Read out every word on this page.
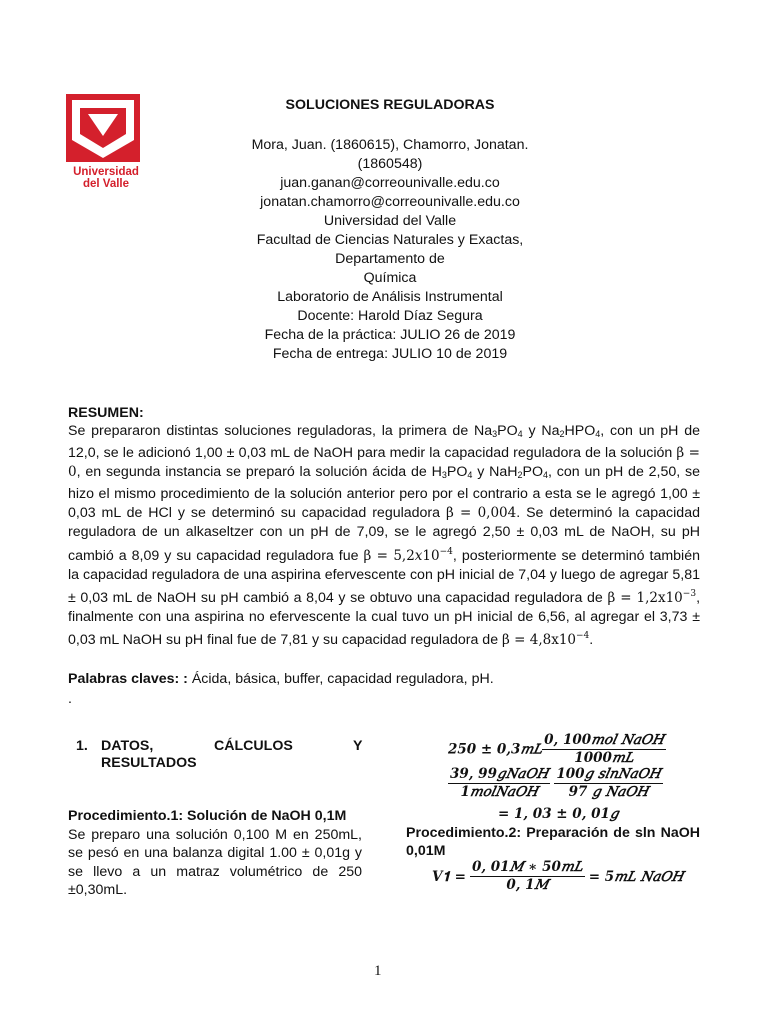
Universidad
del Valle
SOLUCIONES REGULADORAS
Mora, Juan. (1860615), Chamorro, Jonatan.
(1860548)
juan.ganan@correounivalle.edu.co
jonatan.chamorro@correounivalle.edu.co
Universidad del Valle
Facultad de Ciencias Naturales y Exactas,
Departamento de
Química
Laboratorio de Análisis Instrumental
Docente: Harold Díaz Segura
Fecha de la práctica: JULIO 26 de 2019
Fecha de entrega: JULIO 10 de 2019
RESUMEN:
Se prepararon distintas soluciones reguladoras, la primera de $Na_3PO_4$ y $Na_2HPO_4$, con un pH de 12,0, se le adicionó 1,00 ± 0,03 mL de NaOH para medir la capacidad reguladora de la solución β = 0, en segunda instancia se preparó la solución ácida de $H_3PO_4$ y $NaH_2PO_4$, con un pH de 2,50, se hizo el mismo procedimiento de la solución anterior pero por el contrario a esta se le agregó 1,00 ± 0,03 mL de HCl y se determinó su capacidad reguladora β = 0,004. Se determinó la capacidad reguladora de un alkaseltzer con un pH de 7,09, se le agregó 2,50 ± 0,03 mL de NaOH, su pH cambió a 8,09 y su capacidad reguladora fue $\beta = 5,2𝑥10^{-4}$, posteriormente se determinó también la capacidad reguladora de una aspirina efervescente con pH inicial de 7,04 y luego de agregar 5,81 ± 0,03 mL de NaOH su pH cambió a 8,04 y se obtuvo una capacidad reguladora de $\beta = 1,2x10^{-3}$, finalmente con una aspirina no efervescente la cual tuvo un pH inicial de 6,56, al agregar el 3,73 ± 0,03 mL NaOH su pH final fue de 7,81 y su capacidad reguladora de $\beta = 4,8x10^{-4}$.
Palabras claves: : Ácida, básica, buffer, capacidad reguladora, pH.
.
1. DATOS,	CÁLCULOS	Y
RESULTADOS
Procedimiento.1: Solución de NaOH 0,1M
Se preparo una solución 0,100 M en 250mL, se pesó en una balanza digital 1.00 ± 0,01g y se llevo a un matraz volumétrico de 250 ±0,30mL.
250 ± 0,3𝑚𝐿 $\frac{\text{0, 100𝑚𝑜𝑙 𝑁𝑎𝑂𝐻}}{\text{1000𝑚𝐿}}$
$\frac{\text{39, 99𝑔𝑁𝑎𝑂𝐻}}{\text{1𝑚𝑜𝑙𝑁𝑎𝑂𝐻}} \frac{\text{100𝑔 𝑠𝑙𝑛𝑁𝑎𝑂𝐻}}{\text{97 𝑔 𝑁𝑎𝑂𝐻}}$
= 1, 03 ± 0, 01𝑔
Procedimiento.2: Preparación de sln NaOH 0,01M
𝑽𝟏 = $\frac{\text{0, 01𝑀 ∗ 50𝑚𝐿}}{\text{0, 1𝑀}}$ = 5𝑚𝐿 𝑁𝑎𝑂𝐻
1
